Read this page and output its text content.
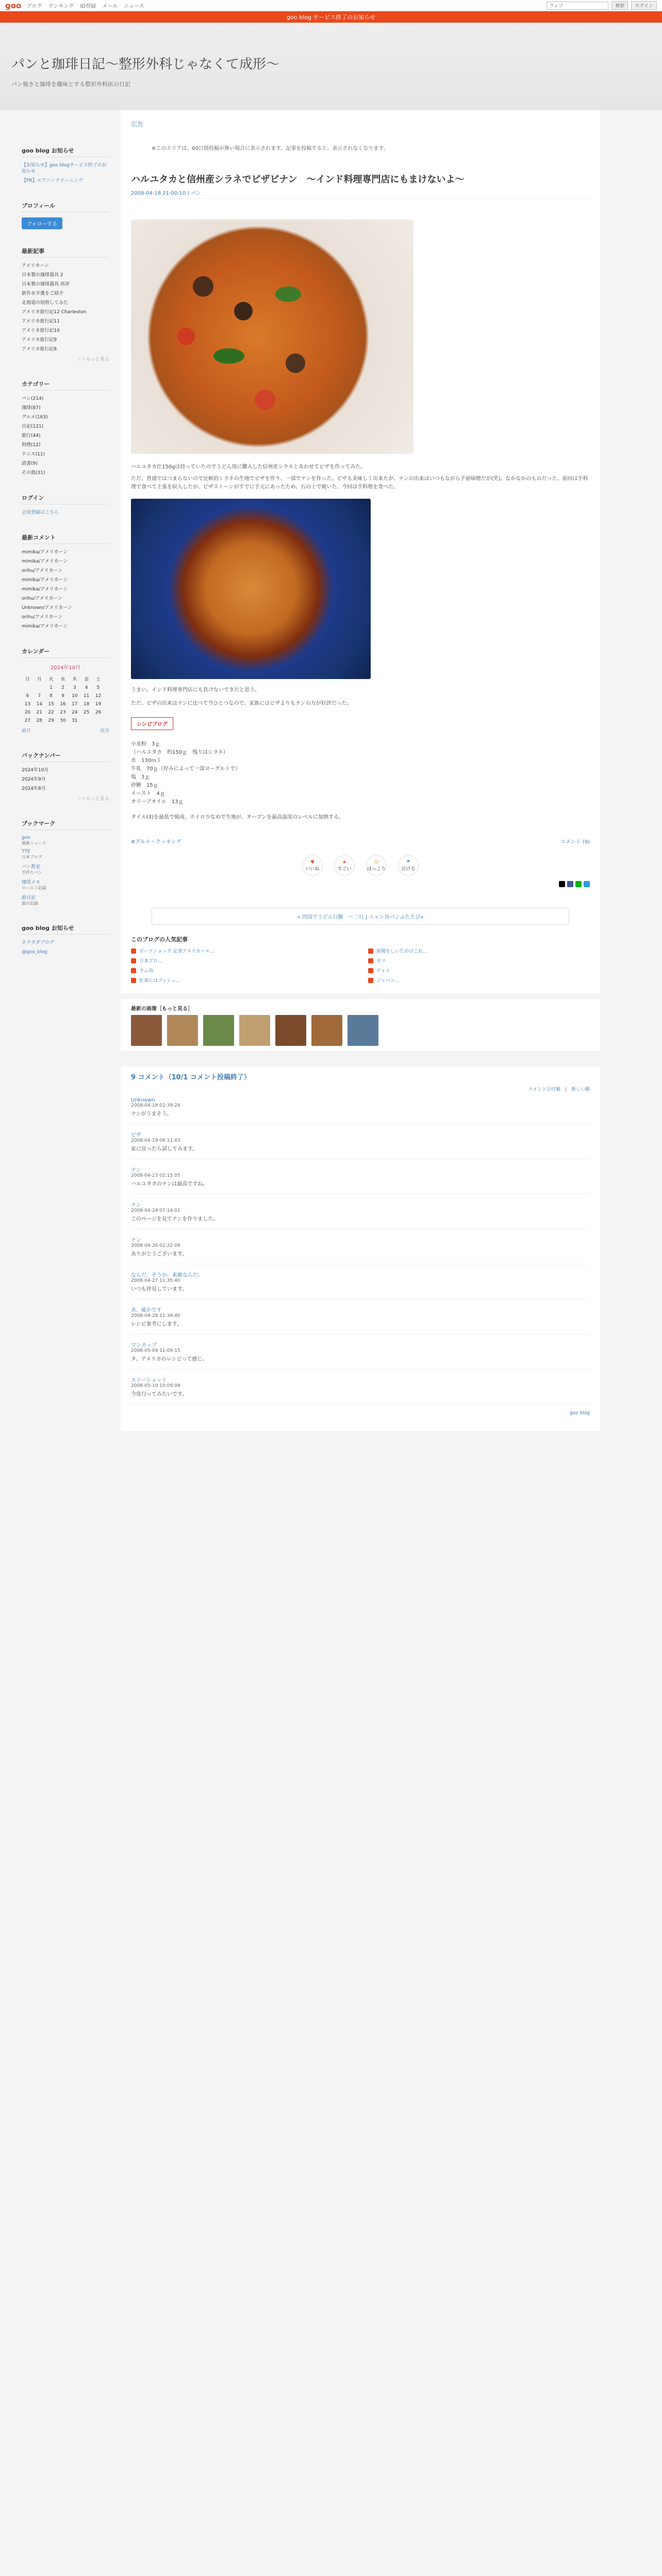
goo ブログ ランキング ID登録 メール ニュース
ウェブ	検索	ログイン
goo blog サービス終了のお知らせ
パンと珈琲日記〜整形外科じゃなくて成形〜

パン焼きと珈琲を趣味とする整形外科医の日記

goo blog お知らせ
【お知らせ】goo blogサービス終了のお知らせ
【PR】エアコンクリーニング
プロフィール
フォローする
最新記事
アメリカーン
日本製の珈琲器具 2
日本製の珈琲器具 再評
新作水羊羹をご紹介
北海道の焙煎してみた
アメリカ旅行記12 Charleston
アメリカ旅行記11
アメリカ旅行記10
アメリカ旅行記9
アメリカ旅行記8
＞＞もっと見る
カテゴリー
パン(214)
珈琲(87)
グルメ(163)
日記(121)
旅行(44)
料理(12)
テニス(11)
読書(9)
その他(31)
ログイン
会員登録はこちら
最新コメント
mimika/アメリカーン
mimika/アメリカーン
orihu/アメリカーン
mimika/アメリカーン
mimika/アメリカーン
orihu/アメリカーン
Unknown/アメリカーン
orihu/アメリカーン
mimika/アメリカーン
カレンダー
2024年10月
日	月	火	水	木	金	土
		1	2	3	4	5
6	7	8	9	10	11	12
13	14	15	16	17	18	19
20	21	22	23	24	25	26
27	28	29	30	31		
前月	次月
バックナンバー
2024年10月
2024年9月
2024年8月
＞＞もっと見る
ブックマーク
goo
最新ニュース
TTE
日本ブログ
パン教室
手作りパン
珈琲メモ
ロースト記録
旅日記
旅の記録
goo blog お知らせ
ネクタダブログ
@goo_blog
広告
※このエリアは、60日間投稿が無い場合に表示されます。記事を投稿すると、表示されなくなります。
ハルユタカと信州産シラネでピザピナン　〜インド料理専門店にもまけないよ〜
2008-04-18 21:00:10 | パン
ハルユタカ仕150gは持っていたのでうどん用に購入した信州産シラネとあわせてピザを作ってみた。

ただ、普通ではつまらないので比較的シラネの生地でピザを作り、一部でナンを作った。ピザも美味しく出来たが、ナンの出来はいつもながら手前味噌だが(笑)、なかなかのものだった。前回は手料理で食べて主張を収入したが、ピザストーンがすでに手元にあったため、石の上で焼いた。今回は手料理を食べた。

うまい。インド料理専門店にも負けないできだと思う。

ただ、ピザの出来はナンに比べて今ひとつなので、家族にはピザよりもナンの方が好評だった。

レシピブログ
小麦粉　3ｇ
（ハルユタカ　約150ｇ　残りはシラネ）
水　130ｍｌ
牛乳　70ｇ（好みによって一部ヨーグルトで）
塩　3ｇ
砂糖　15ｇ
イースト　4ｇ
オリーブオイル　13ｇ

タイル(3)を最低で焼成、ホイロ少なめで生地が、オーブンを最高温度のレベルに加熱する。

#グルメ・クッキング	コメント (9)
♥
いいね
★
すごい
☺
ほっこり
☂
泣ける
« 四国でうどん行脚　～二日 | ニャン耳パンふたたび»
このブログの人気記事
ボーナショック 定食アメリカ〜エ...	新聞をしいたのはこれ...
日本ブロ...	カツ
ラム肉	チャイ
紅茶にはプッシュ...	ジャパン...
最新の画像［もっと見る］
9 コメント（10/1 コメント投稿終了）
コメント日付順　|　新しい順
Unknown
2008-04-18 02:39:24
ナンがうまそう。
ピザ
2008-04-19 06:11:43
家に戻ったら試してみます。
ナン
2008-04-23 02:15:05
ハルユタカのナンは最高ですね。
ナン
2008-04-24 07:14:01
このページを見てナンを作りました。
ナン
2008-04-26 02:22:09
ありがとうございます。
なんだ、そうか、素敵なんだ。
2008-04-27 11:35:40
いつも拝見しています。
あ、確かです
2008-04-28 21:34:40
レシピ参考にします。
ワンカップ
2008-05-09 11:09:15
タ、アメリカのレシピって感じ。
スリーショット
2008-05-10 10:09:08
今度行ってみたいです。
goo blog
